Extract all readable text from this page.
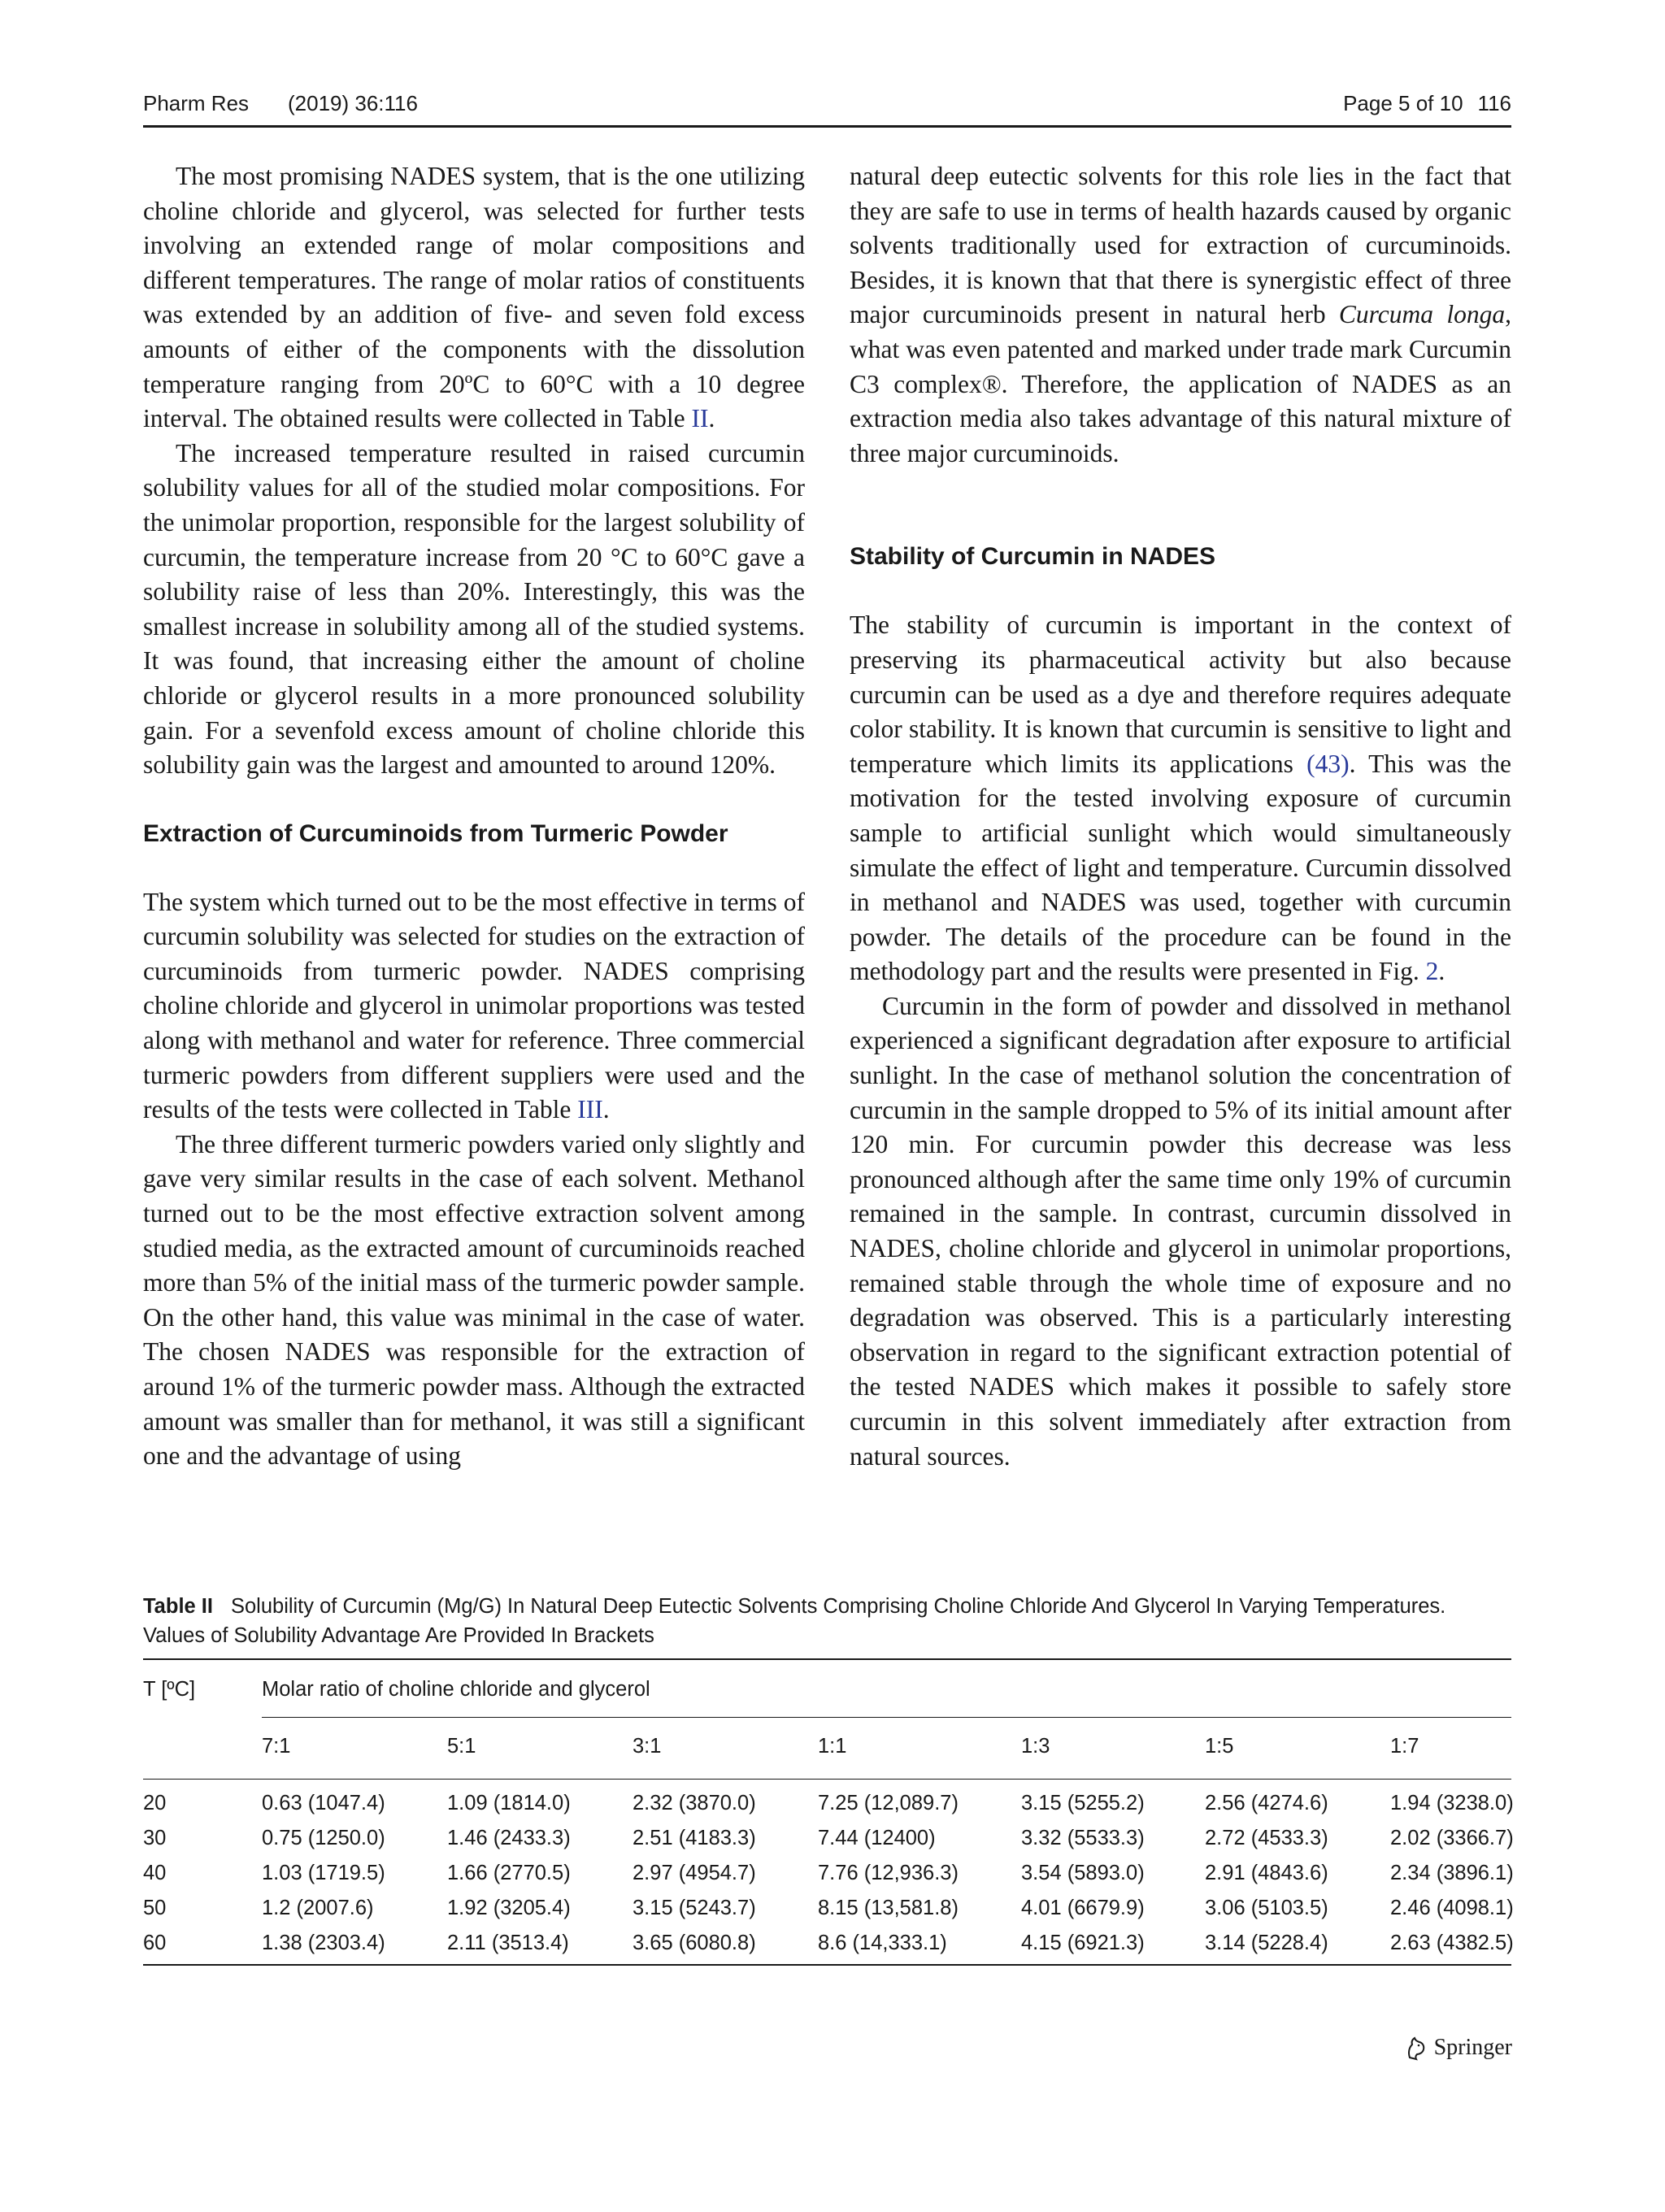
Pharm Res (2019) 36:116	Page 5 of 10 116

The most promising NADES system, that is the one utilizing choline chloride and glycerol, was selected for further tests involving an extended range of molar compositions and different temperatures. The range of molar ratios of constituents was extended by an addition of five- and seven fold excess amounts of either of the components with the dissolution temperature ranging from 20ºC to 60°C with a 10 degree interval. The obtained results were collected in Table II.

The increased temperature resulted in raised curcumin solubility values for all of the studied molar compositions. For the unimolar proportion, responsible for the largest solubility of curcumin, the temperature increase from 20 °C to 60°C gave a solubility raise of less than 20%. Interestingly, this was the smallest increase in solubility among all of the studied systems. It was found, that increasing either the amount of choline chloride or glycerol results in a more pronounced solubility gain. For a sevenfold excess amount of choline chloride this solubility gain was the largest and amounted to around 120%.

Extraction of Curcuminoids from Turmeric Powder

The system which turned out to be the most effective in terms of curcumin solubility was selected for studies on the extraction of curcuminoids from turmeric powder. NADES comprising choline chloride and glycerol in unimolar proportions was tested along with methanol and water for reference. Three commercial turmeric powders from different suppliers were used and the results of the tests were collected in Table III.

The three different turmeric powders varied only slightly and gave very similar results in the case of each solvent. Methanol turned out to be the most effective extraction solvent among studied media, as the extracted amount of curcuminoids reached more than 5% of the initial mass of the turmeric powder sample. On the other hand, this value was minimal in the case of water. The chosen NADES was responsible for the extraction of around 1% of the turmeric powder mass. Although the extracted amount was smaller than for methanol, it was still a significant one and the advantage of using

natural deep eutectic solvents for this role lies in the fact that they are safe to use in terms of health hazards caused by organic solvents traditionally used for extraction of curcuminoids. Besides, it is known that that there is synergistic effect of three major curcuminoids present in natural herb Curcuma longa, what was even patented and marked under trade mark Curcumin C3 complex®. Therefore, the application of NADES as an extraction media also takes advantage of this natural mixture of three major curcuminoids.

Stability of Curcumin in NADES

The stability of curcumin is important in the context of preserving its pharmaceutical activity but also because curcumin can be used as a dye and therefore requires adequate color stability. It is known that curcumin is sensitive to light and temperature which limits its applications (43). This was the motivation for the tested involving exposure of curcumin sample to artificial sunlight which would simultaneously simulate the effect of light and temperature. Curcumin dissolved in methanol and NADES was used, together with curcumin powder. The details of the procedure can be found in the methodology part and the results were presented in Fig. 2.

Curcumin in the form of powder and dissolved in methanol experienced a significant degradation after exposure to artificial sunlight. In the case of methanol solution the concentration of curcumin in the sample dropped to 5% of its initial amount after 120 min. For curcumin powder this decrease was less pronounced although after the same time only 19% of curcumin remained in the sample. In contrast, curcumin dissolved in NADES, choline chloride and glycerol in unimolar proportions, remained stable through the whole time of exposure and no degradation was observed. This is a particularly interesting observation in regard to the significant extraction potential of the tested NADES which makes it possible to safely store curcumin in this solvent immediately after extraction from natural sources.

Table II Solubility of Curcumin (Mg/G) In Natural Deep Eutectic Solvents Comprising Choline Chloride And Glycerol In Varying Temperatures. Values of Solubility Advantage Are Provided In Brackets

T [ºC]	Molar ratio of choline chloride and glycerol
7:1	5:1	3:1	1:1	1:3	1:5	1:7
20	0.63 (1047.4)	1.09 (1814.0)	2.32 (3870.0)	7.25 (12,089.7)	3.15 (5255.2)	2.56 (4274.6)	1.94 (3238.0)
30	0.75 (1250.0)	1.46 (2433.3)	2.51 (4183.3)	7.44 (12400)	3.32 (5533.3)	2.72 (4533.3)	2.02 (3366.7)
40	1.03 (1719.5)	1.66 (2770.5)	2.97 (4954.7)	7.76 (12,936.3)	3.54 (5893.0)	2.91 (4843.6)	2.34 (3896.1)
50	1.2 (2007.6)	1.92 (3205.4)	3.15 (5243.7)	8.15 (13,581.8)	4.01 (6679.9)	3.06 (5103.5)	2.46 (4098.1)
60	1.38 (2303.4)	2.11 (3513.4)	3.65 (6080.8)	8.6 (14,333.1)	4.15 (6921.3)	3.14 (5228.4)	2.63 (4382.5)
Springer
